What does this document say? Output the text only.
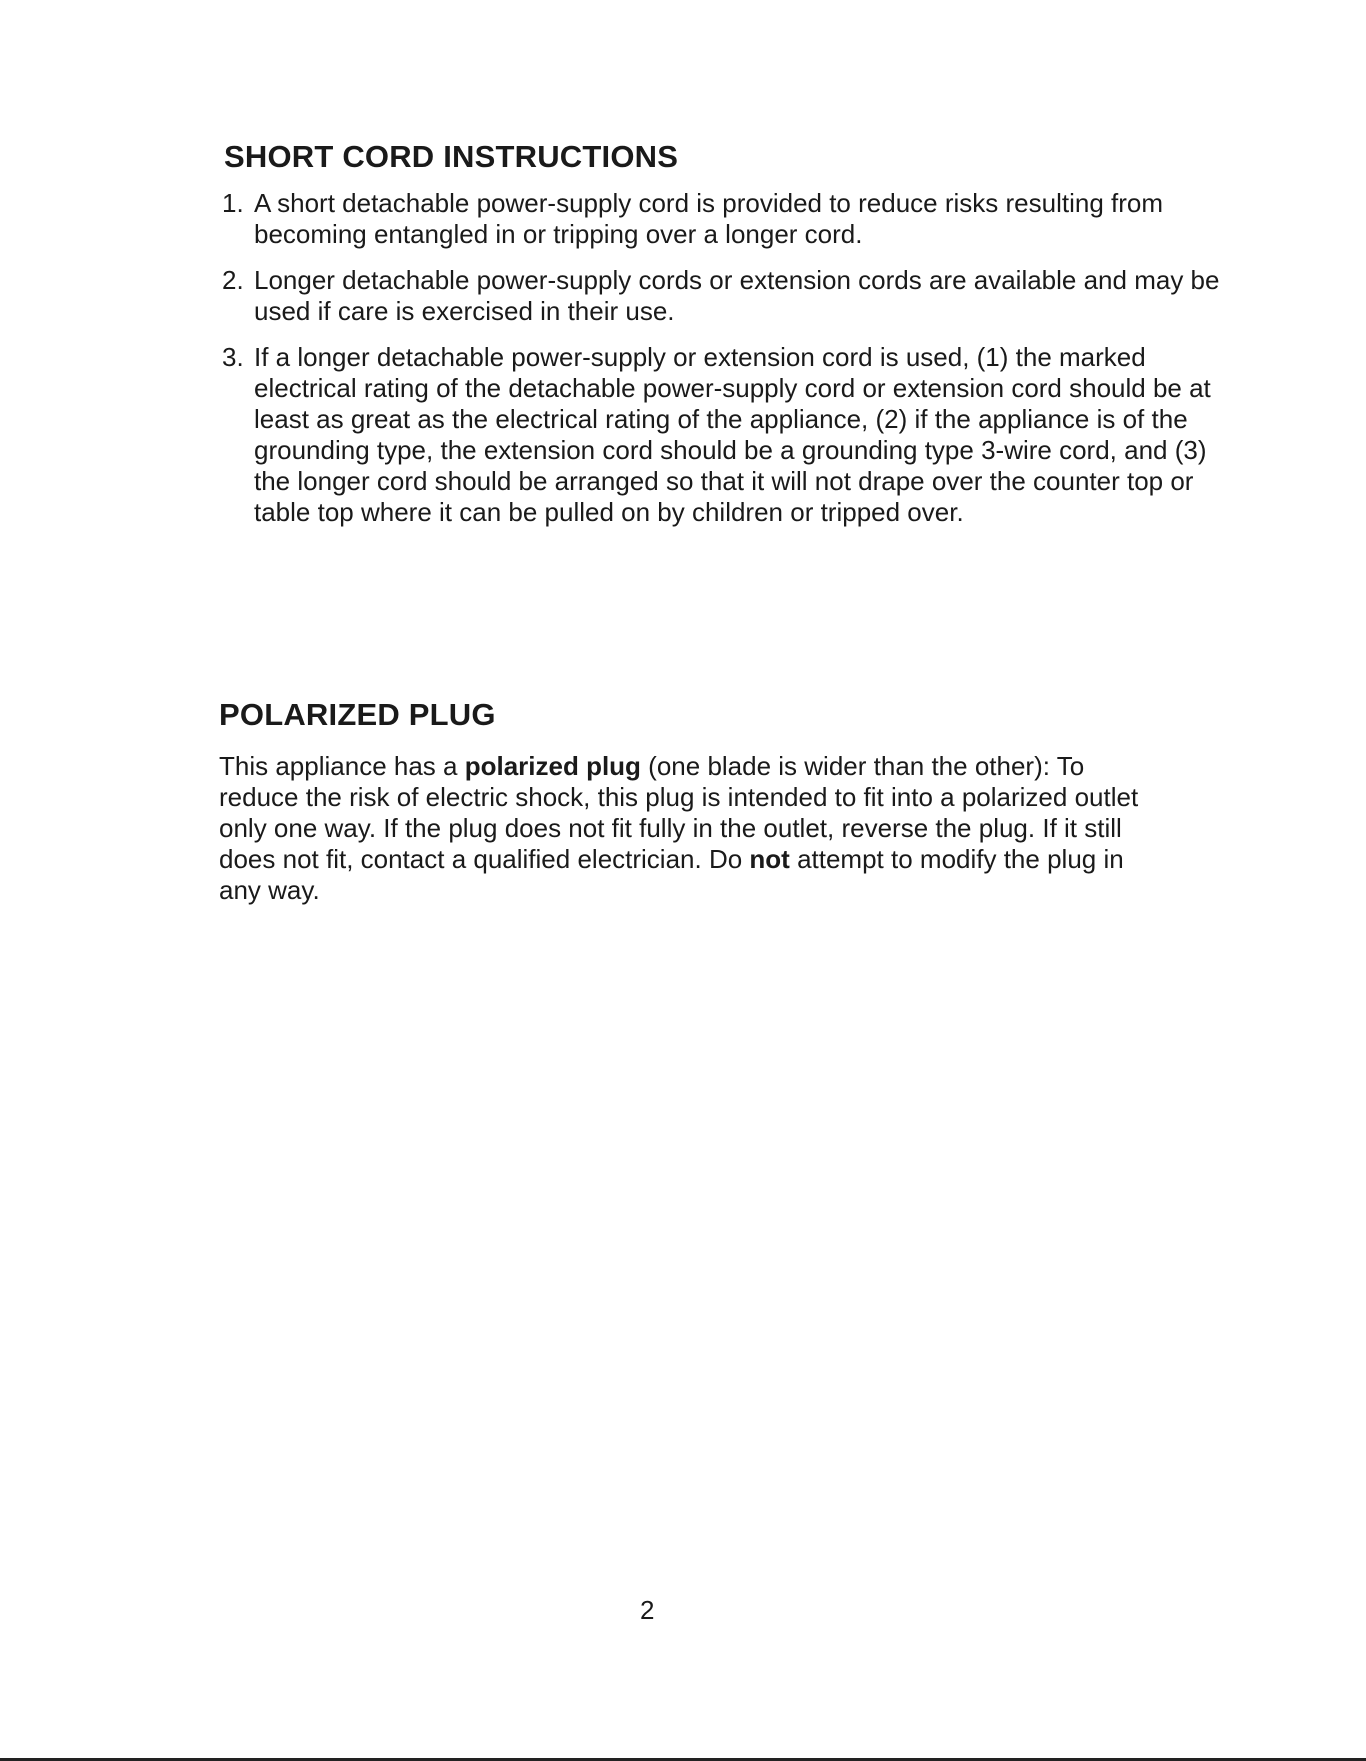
SHORT CORD INSTRUCTIONS
1. A short detachable power-supply cord is provided to reduce risks resulting from becoming entangled in or tripping over a longer cord.
2. Longer detachable power-supply cords or extension cords are available and may be used if care is exercised in their use.
3. If a longer detachable power-supply or extension cord is used, (1) the marked electrical rating of the detachable power-supply cord or extension cord should be at least as great as the electrical rating of the appliance, (2) if the appliance is of the grounding type, the extension cord should be a grounding type 3-wire cord, and (3) the longer cord should be arranged so that it will not drape over the counter top or table top where it can be pulled on by children or tripped over.
POLARIZED PLUG

This appliance has a polarized plug (one blade is wider than the other): To reduce the risk of electric shock, this plug is intended to fit into a polarized outlet only one way. If the plug does not fit fully in the outlet, reverse the plug. If it still does not fit, contact a qualified electrician. Do not attempt to modify the plug in any way.

2
